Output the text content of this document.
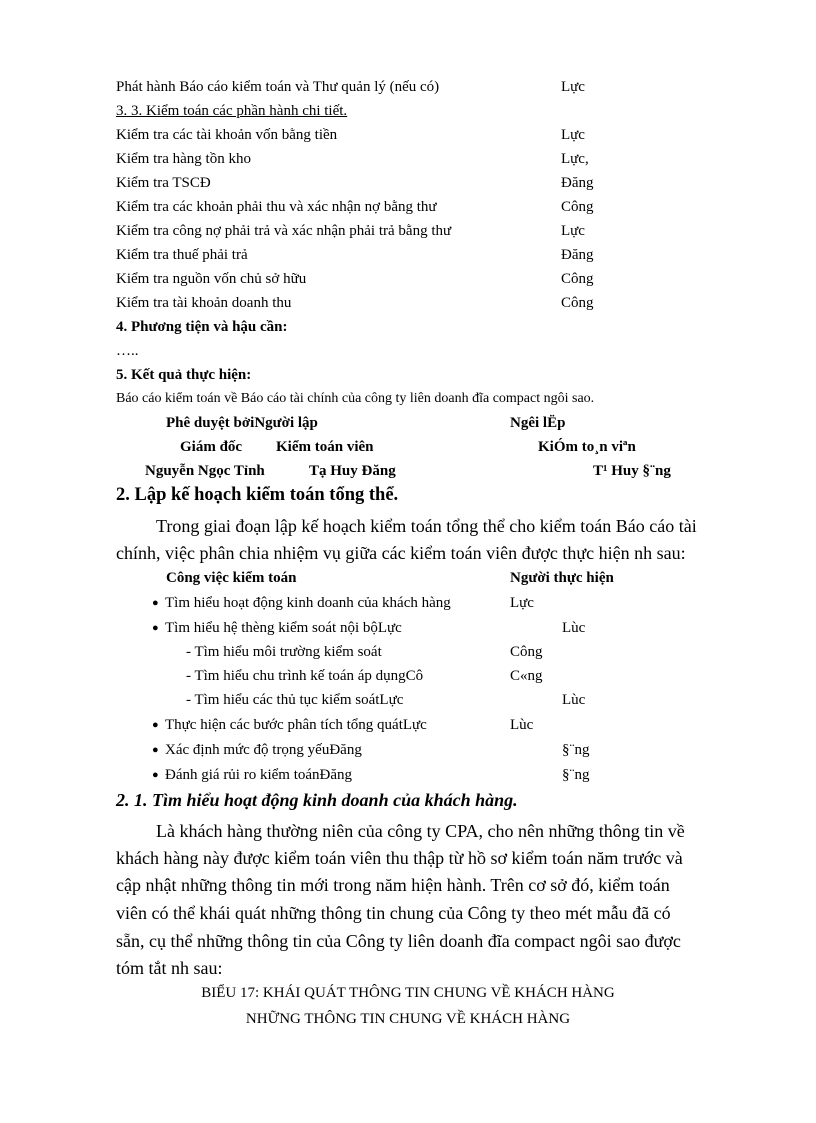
Phát hành Báo cáo kiểm toán và Thư quản lý (nếu có)	Lực
3. 3. Kiểm toán các phần hành chi tiết.
Kiểm tra các tài khoản vốn bằng tiền	Lực
Kiểm tra hàng tồn kho	Lực,
Kiểm tra TSCĐ	Đăng
Kiểm tra các khoản phải thu và xác nhận nợ bằng thư	Công
Kiểm tra công nợ phải trả và xác nhận phải trả bằng thư	Lực
Kiểm tra thuế phải trả	Đăng
Kiểm tra nguồn vốn chủ sở hữu	Công
Kiểm tra tài khoản doanh thu	Công
4. Phương tiện và hậu cần:
…..
5. Kết quả thực hiện:
Báo cáo kiểm toán về Báo cáo tài chính của công ty liên doanh đĩa compact ngôi sao.
Phê duyệt bởiNgười lập	Ngêi lËp
Giám đốc Kiểm toán viên	KiÓm to¸n viªn
Nguyễn Ngọc Tỉnh	Tạ Huy Đăng	T¹ Huy §¨ng
2. Lập kế hoạch kiểm toán tổng thể.
Trong giai đoạn lập kế hoạch kiểm toán tổng thể cho kiểm toán Báo cáo tài
chính, việc phân chia nhiệm vụ giữa các kiểm toán viên được thực hiện nh sau:
Công việc kiểm toán	Người thực hiện
● Tìm hiểu hoạt động kinh doanh của khách hàng	Lực
● Tìm hiểu hệ thèng kiểm soát nội bộLực	Lùc
- Tìm hiểu môi trường kiểm soát	Công
- Tìm hiểu chu trình kế toán áp dụngCô	C«ng
- Tìm hiểu các thủ tục kiểm soátLực	Lùc
● Thực hiện các bước phân tích tổng quátLực	Lùc
● Xác định mức độ trọng yếuĐăng	§¨ng
● Đánh giá rủi ro kiểm toánĐăng	§¨ng
2. 1. Tìm hiểu hoạt động kinh doanh của khách hàng.
Là khách hàng thường niên của công ty CPA, cho nên những thông tin về
khách hàng này được kiểm toán viên thu thập từ hồ sơ kiểm toán năm trước và
cập nhật những thông tin mới trong năm hiện hành. Trên cơ sở đó, kiểm toán
viên có thể khái quát những thông tin chung của Công ty theo mét mẫu đã có
sẵn, cụ thể những thông tin của Công ty liên doanh đĩa compact ngôi sao được
tóm tắt nh sau:
BIỂU 17: KHÁI QUÁT THÔNG TIN CHUNG VỀ KHÁCH HÀNG
NHỮNG THÔNG TIN CHUNG VỀ KHÁCH HÀNG
